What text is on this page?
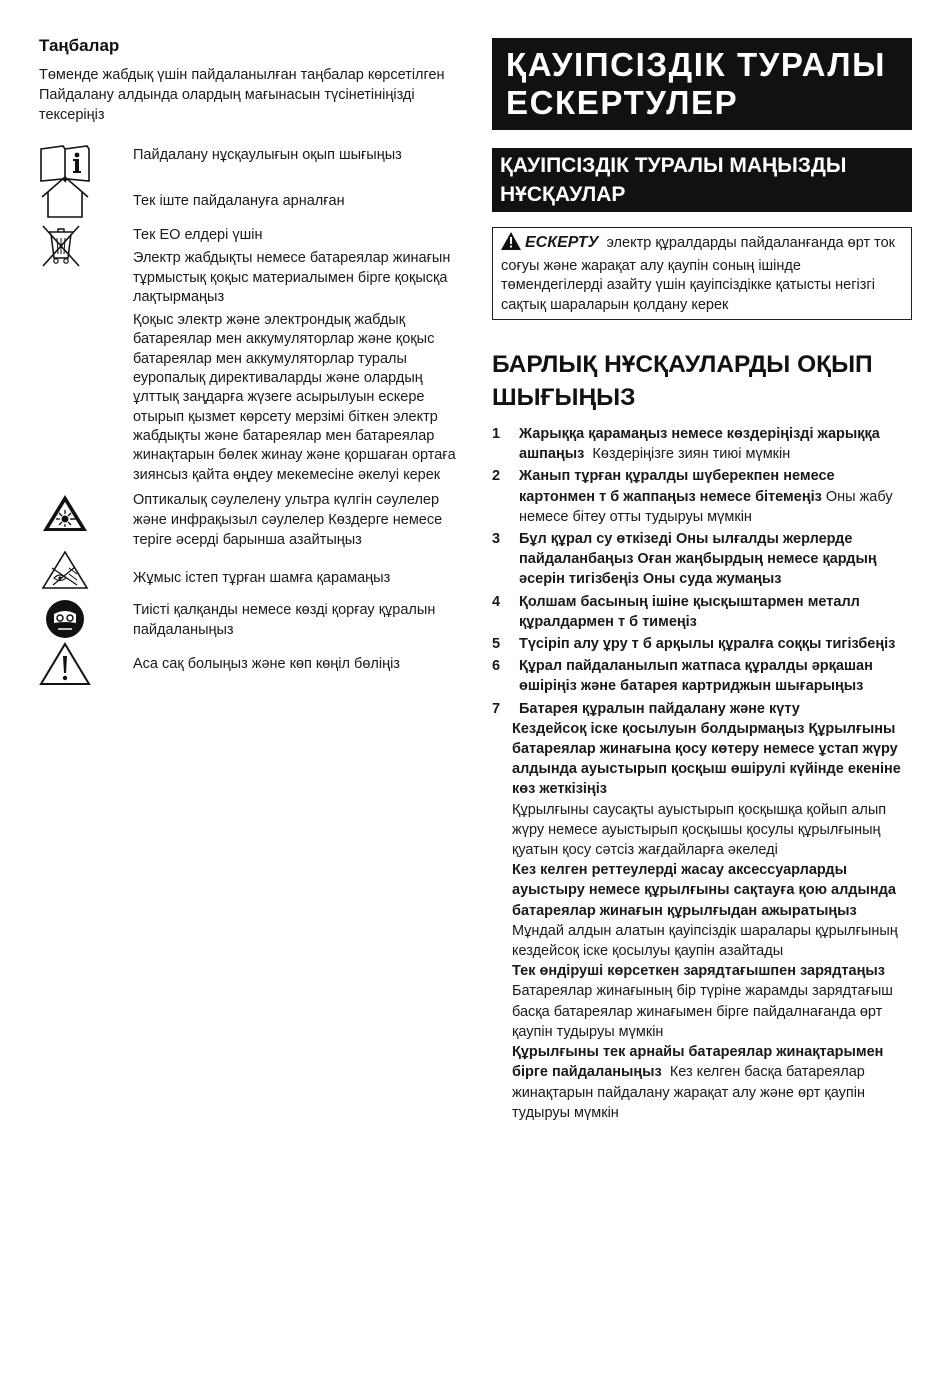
Таңбалар

Төменде жабдық үшін пайдаланылған таңбалар көрсетілген Пайдалану алдында олардың мағынасын түсінетініңізді тексеріңіз

Пайдалану нұсқаулығын оқып шығыңыз

Тек іште пайдалануға арналған

Тек ЕО елдері үшін

Электр жабдықты немесе батареялар жинағын тұрмыстық қоқыс материалымен бірге қоқысқа лақтырмаңыз

Қоқыс электр және электрондық жабдық батареялар мен аккумуляторлар және қоқыс батареялар мен аккумуляторлар туралы еуропалық директиваларды және олардың ұлттық заңдарға жүзеге асырылуын ескере отырып қызмет көрсету мерзімі біткен электр жабдықты және батареялар мен батареялар жинақтарын бөлек жинау және қоршаған ортаға зиянсыз қайта өңдеу мекемесіне әкелуі керек

Оптикалық сәулелену ультра күлгін сәулелер және инфрақызыл сәулелер Көздерге немесе теріге әсерді барынша азайтыңыз

Жұмыс істеп тұрған шамға қарамаңыз

Тиісті қалқанды немесе көзді қорғау құралын пайдаланыңыз

Аса сақ болыңыз және көп көңіл бөліңіз

ҚАУІПСІЗДІК ТУРАЛЫ ЕСКЕРТУЛЕР
ҚАУІПСІЗДІК ТУРАЛЫ МАҢЫЗДЫ НҰСҚАУЛАР
ЕСКЕРТУ электр құралдарды пайдаланғанда өрт ток соғуы және жарақат алу қаупін соның ішінде төмендегілерді азайту үшін қауіпсіздікке қатысты негізгі сақтық шараларын қолдану керек
БАРЛЫҚ НҰСҚАУЛАРДЫ ОҚЫП ШЫҒЫҢЫЗ
1 Жарыққа қарамаңыз немесе көздеріңізді жарыққа ашпаңыз Көздеріңізге зиян тиюі мүмкін
2 Жанып тұрған құралды шүберекпен немесе картонмен т б жаппаңыз немесе бітемеңіз Оны жабу немесе бітеу отты тудыруы мүмкін
3 Бұл құрал су өткізеді Оны ылғалды жерлерде пайдаланбаңыз Оған жаңбырдың немесе қардың әсерін тигізбеңіз Оны суда жумаңыз
4 Қолшам басының ішіне қысқыштармен металл құралдармен т б тимеңіз
5 Түсіріп алу ұру т б арқылы құралға соққы тигізбеңіз
6 Құрал пайдаланылып жатпаса құралды әрқашан өшіріңіз және батарея картриджын шығарыңыз
7 Батарея құралын пайдалану және күту
Кездейсоқ іске қосылуын болдырмаңыз Құрылғыны батареялар жинағына қосу көтеру немесе ұстап жүру алдында ауыстырып қосқыш өшірулі күйінде екеніне көз жеткізіңіз
Құрылғыны саусақты ауыстырып қосқышқа қойып алып жүру немесе ауыстырып қосқышы қосулы құрылғының қуатын қосу сәтсіз жағдайларға әкеледі
Кез келген реттеулерді жасау аксессуарларды ауыстыру немесе құрылғыны сақтауға қою алдында батареялар жинағын құрылғыдан ажыратыңыз  Мұндай алдын алатын қауіпсіздік шаралары құрылғының кездейсоқ іске қосылуы қаупін азайтады
Тек өндіруші көрсеткен зарядтағышпен зарядтаңыз  Батареялар жинағының бір түріне жарамды зарядтағыш басқа батареялар жинағымен бірге пайдалнағанда өрт қаупін тудыруы мүмкін
Құрылғыны тек арнайы батареялар жинақтарымен бірге пайдаланыңыз Кез келген басқа батареялар жинақтарын пайдалану жарақат алу және өрт қаупін тудыруы мүмкін
